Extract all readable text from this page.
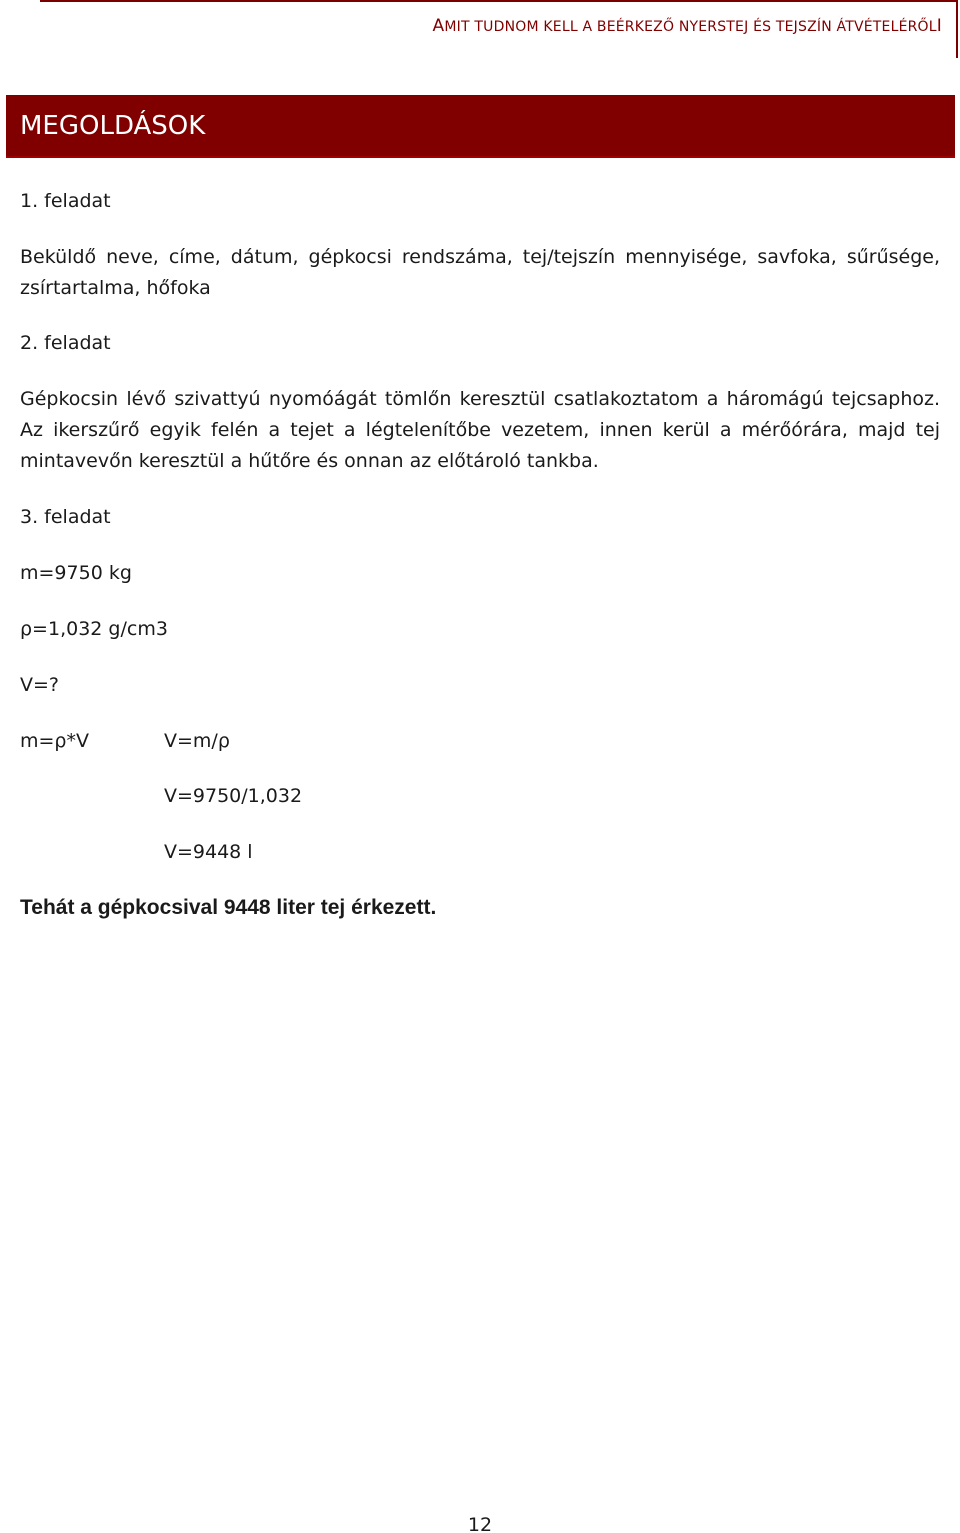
AMIT TUDNOM KELL A BEÉRKEZŐ NYERSTEJ ÉS TEJSZÍN ÁTVÉTELÉRŐLI
MEGOLDÁSOK
1. feladat
Beküldő neve, címe, dátum, gépkocsi rendszáma, tej/tejszín mennyisége, savfoka, sűrűsége, zsírtartalma, hőfoka
2. feladat
Gépkocsin lévő szivattyú nyomóágát tömlőn keresztül csatlakoztatom a háromágú tejcsaphoz. Az ikerszűrő egyik felén a tejet a légtelenítőbe vezetem, innen kerül a mérőórára, majd tej mintavevőn keresztül a hűtőre és onnan az előtároló tankba.
3. feladat
m=9750 kg
ρ=1,032 g/cm3
V=?
m=ρ*V	V=m/ρ
V=9750/1,032
V=9448 l
Tehát a gépkocsival 9448 liter tej érkezett.
12
